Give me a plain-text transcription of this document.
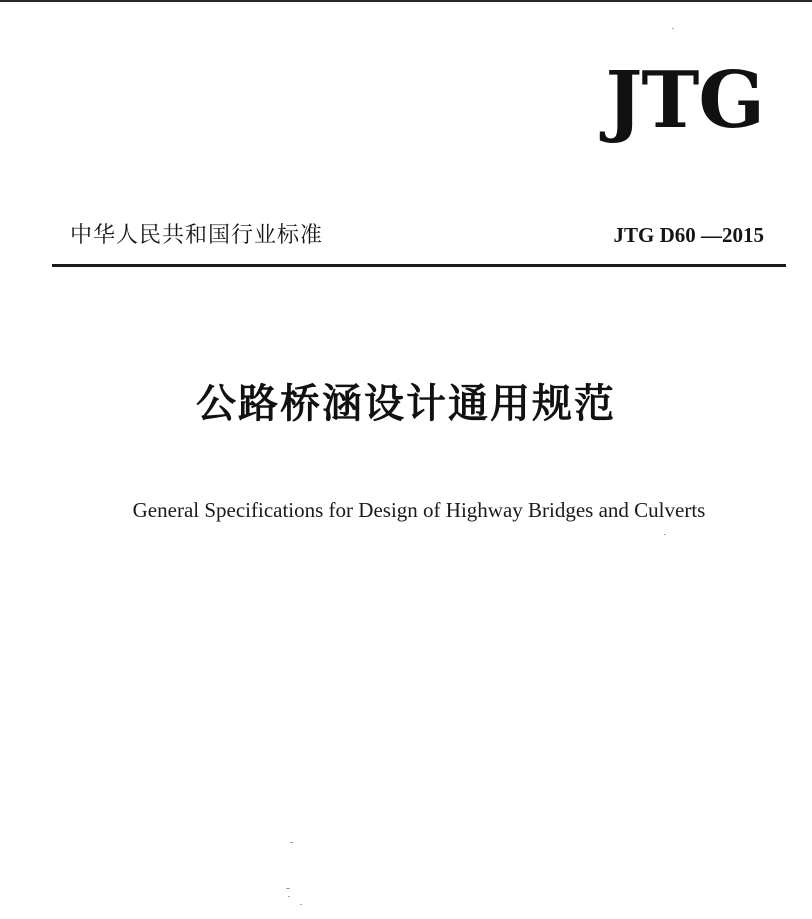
JTG
中华人民共和国行业标准	JTG D60 —2015
公路桥涵设计通用规范
General Specifications for Design of Highway Bridges and Culverts
